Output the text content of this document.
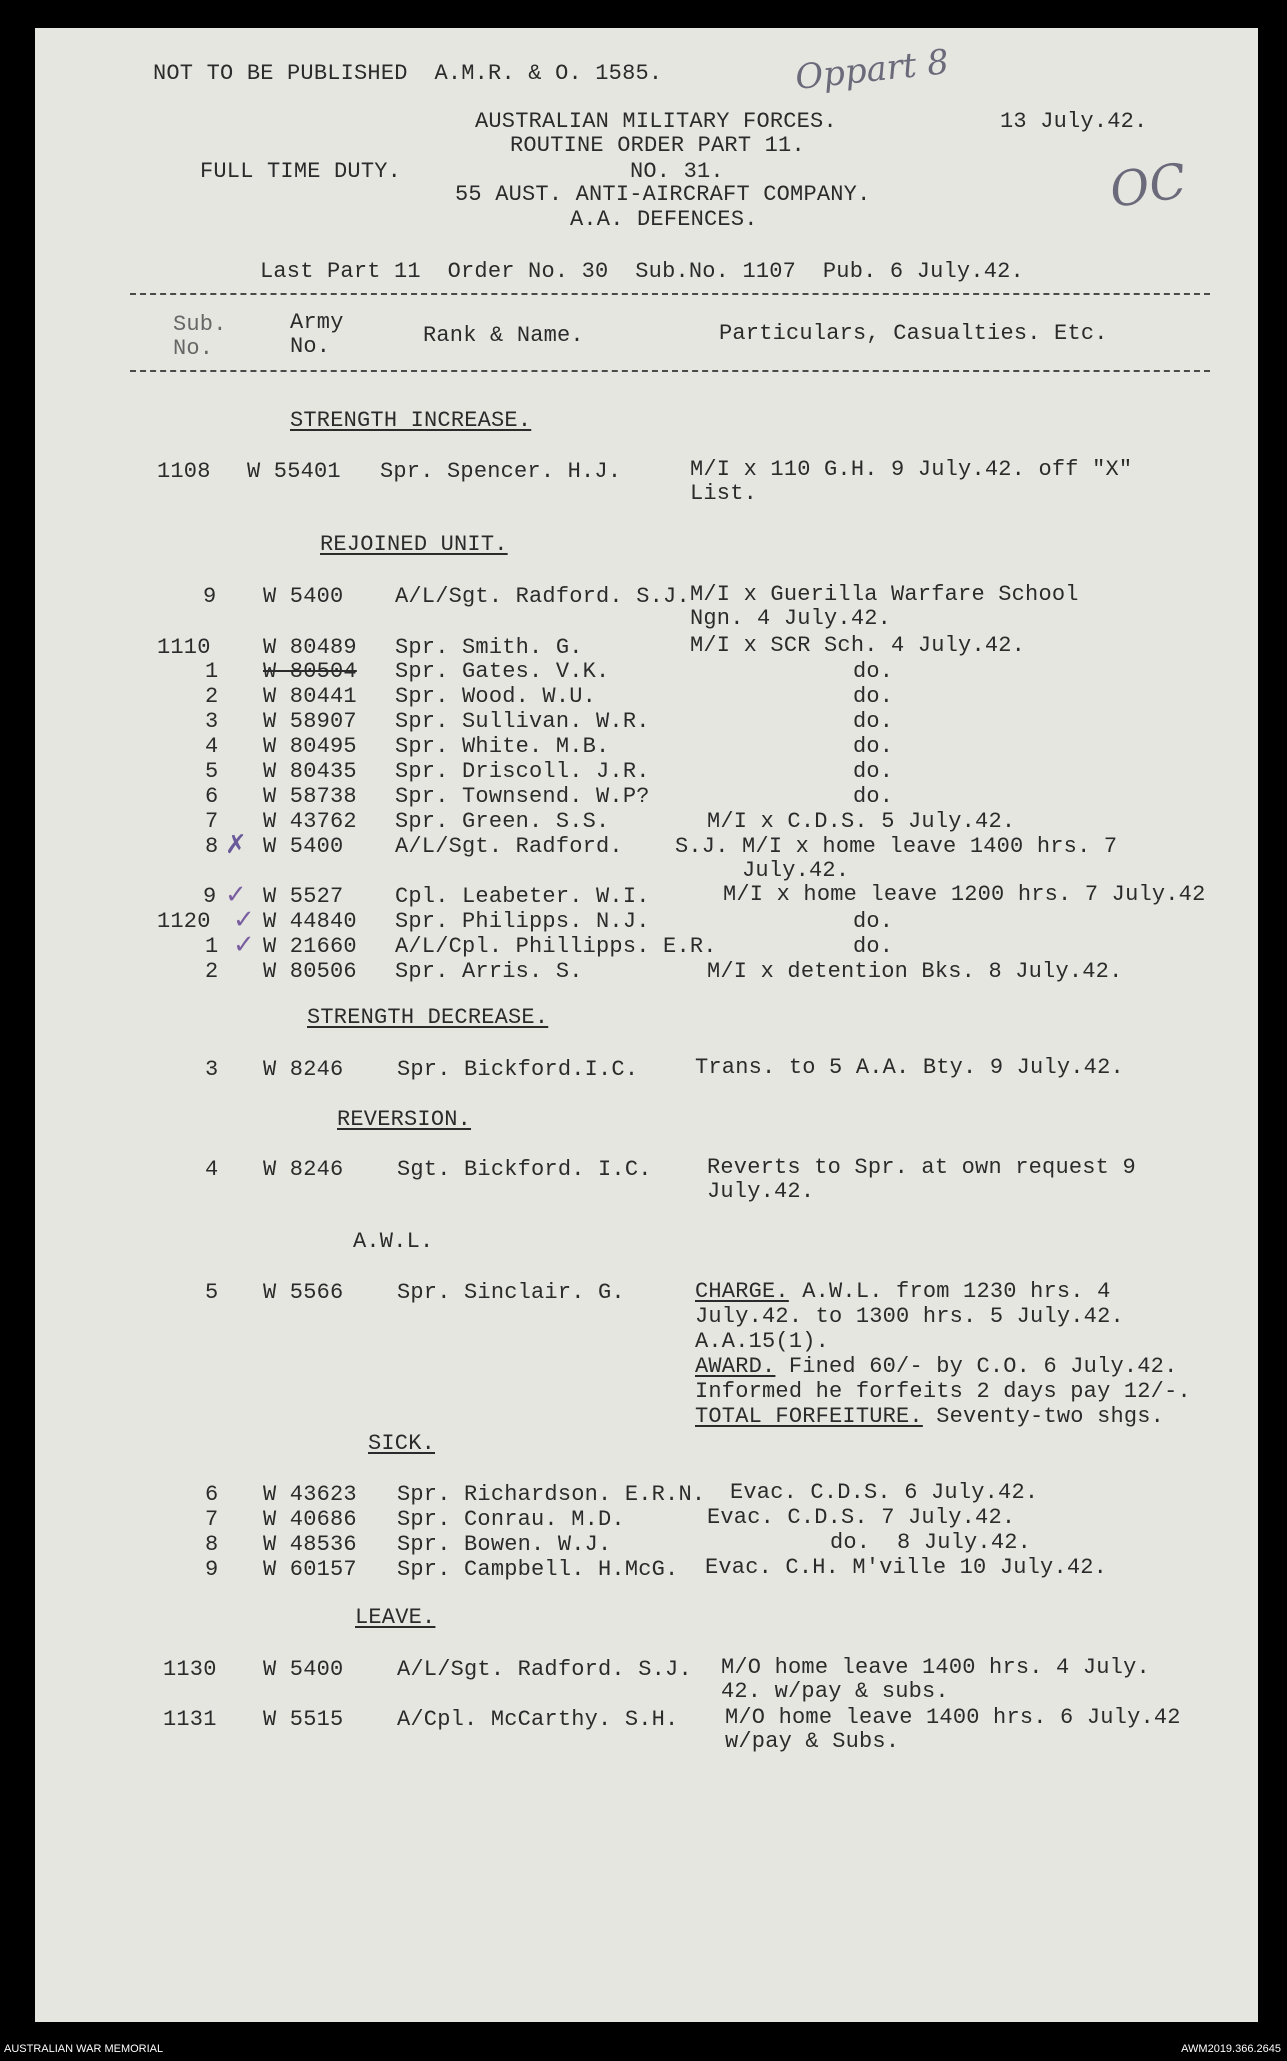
NOT TO BE PUBLISHED  A.M.R. & O. 1585.	Oppart 8
AUSTRALIAN MILITARY FORCES.	13 July.42.
ROUTINE ORDER PART 11.
FULL TIME DUTY.	NO. 31.	OC
55 AUST. ANTI-AIRCRAFT COMPANY.
A.A. DEFENCES.
Last Part 11  Order No. 30  Sub.No. 1107  Pub. 6 July.42.
Sub.
No.
Army
No.	Rank & Name.	Particulars, Casualties. Etc.
STRENGTH INCREASE.
REJOINED UNIT.
STRENGTH DECREASE.
REVERSION.
A.W.L.
SICK.
LEAVE.
1108 W 55401 Spr. Spencer. H.J.	M/I x 110 G.H. 9 July.42. off "X"
List.
9 W 5400 A/L/Sgt. Radford. S.J. M/I x Guerilla Warfare School
Ngn. 4 July.42.
1110 W 80489 Spr. Smith. G.	M/I x SCR Sch. 4 July.42.
1 W 80504 Spr. Gates. V.K.	do.
2 W 80441 Spr. Wood. W.U.	do.
3 W 58907 Spr. Sullivan. W.R.	do.
4 W 80495 Spr. White. M.B.	do.
5 W 80435 Spr. Driscoll. J.R.	do.
6 W 58738 Spr. Townsend. W.P?	do.
7 W 43762 Spr. Green. S.S.	M/I x C.D.S. 5 July.42.
✗
8 W 5400 A/L/Sgt. Radford. S.J. M/I x home leave 1400 hrs. 7
July.42.
✓
9 W 5527 Cpl. Leabeter. W.I.	M/I x home leave 1200 hrs. 7 July.42
✓
1120 W 44840 Spr. Philipps. N.J.	do.
✓
1 W 21660 A/L/Cpl. Phillipps. E.R.	do.
2 W 80506 Spr. Arris. S.	M/I x detention Bks. 8 July.42.
3 W 8246 Spr. Bickford.I.C.	Trans. to 5 A.A. Bty. 9 July.42.
4 W 8246 Sgt. Bickford. I.C.	Reverts to Spr. at own request 9
July.42.
5 W 5566 Spr. Sinclair. G.	CHARGE. A.W.L. from 1230 hrs. 4
July.42. to 1300 hrs. 5 July.42.
A.A.15(1).
AWARD. Fined 60/- by C.O. 6 July.42.
Informed he forfeits 2 days pay 12/-.
TOTAL FORFEITURE. Seventy-two shgs.
6 W 43623 Spr. Richardson. E.R.N. Evac. C.D.S. 6 July.42.
7 W 40686 Spr. Conrau. M.D.	Evac. C.D.S. 7 July.42.
8 W 48536 Spr. Bowen. W.J.	do.  8 July.42.
9 W 60157 Spr. Campbell. H.McG. Evac. C.H. M'ville 10 July.42.
1130 W 5400 A/L/Sgt. Radford. S.J. M/O home leave 1400 hrs. 4 July.
42. w/pay & subs.
1131 W 5515 A/Cpl. McCarthy. S.H. M/O home leave 1400 hrs. 6 July.42
w/pay & Subs.
AUSTRALIAN WAR MEMORIAL	AWM2019.366.2645
